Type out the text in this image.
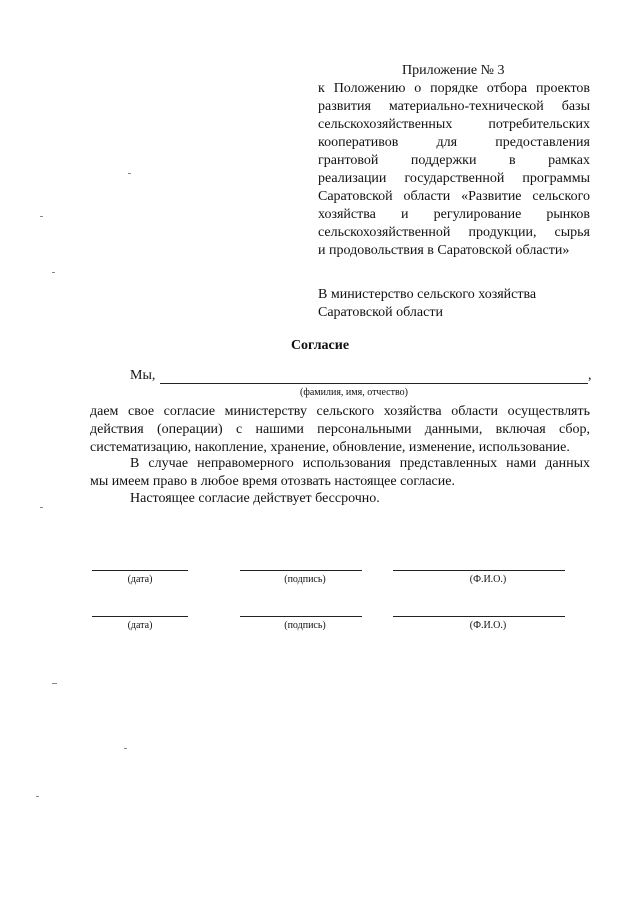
Приложение № 3
к Положению о порядке отбора проектов
развития материально-технической базы
сельскохозяйственных потребительских
кооперативов для предоставления
грантовой поддержки в рамках
реализации государственной программы
Саратовской области «Развитие сельского
хозяйства и регулирование рынков
сельскохозяйственной продукции, сырья
и продовольствия в Саратовской области»
В министерство сельского хозяйства
Саратовской области
Согласие
Мы,	,
(фамилия, имя, отчество)
даем свое согласие министерству сельского хозяйства области осуществлять
действия (операции) с нашими персональными данными, включая сбор,
систематизацию, накопление, хранение, обновление, изменение, использование.
В случае неправомерного использования представленных нами данных
мы имеем право в любое время отозвать настоящее согласие.
Настоящее согласие действует бессрочно.
(дата)	(подпись)	(Ф.И.О.)
(дата)	(подпись)	(Ф.И.О.)
